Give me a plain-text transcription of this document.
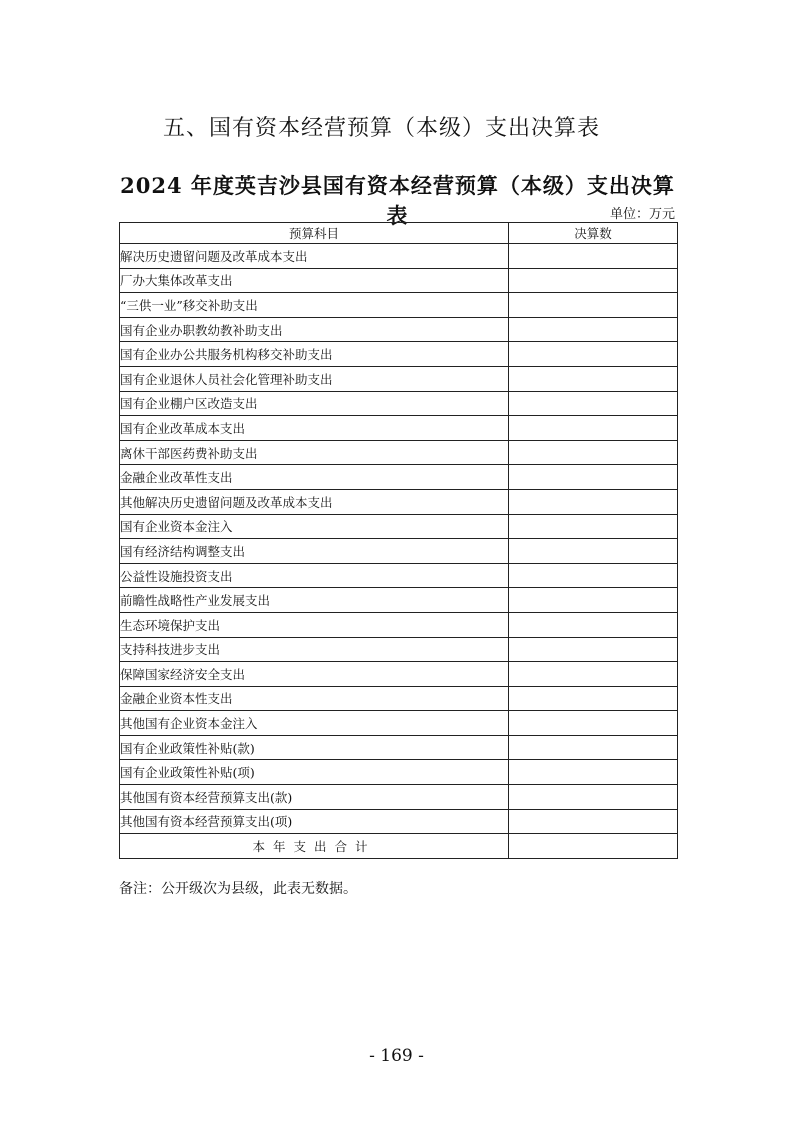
五、国有资本经营预算（本级）支出决算表
2024 年度英吉沙县国有资本经营预算（本级）支出决算表	单位：万元
预算科目	决算数
解决历史遗留问题及改革成本支出	
厂办大集体改革支出	
“三供一业”移交补助支出	
国有企业办职教幼教补助支出	
国有企业办公共服务机构移交补助支出	
国有企业退休人员社会化管理补助支出	
国有企业棚户区改造支出	
国有企业改革成本支出	
离休干部医药费补助支出	
金融企业改革性支出	
其他解决历史遗留问题及改革成本支出	
国有企业资本金注入	
国有经济结构调整支出	
公益性设施投资支出	
前瞻性战略性产业发展支出	
生态环境保护支出	
支持科技进步支出	
保障国家经济安全支出	
金融企业资本性支出	
其他国有企业资本金注入	
国有企业政策性补贴(款)	
国有企业政策性补贴(项)	
其他国有资本经营预算支出(款)	
其他国有资本经营预算支出(项)	
本年支出合计	
备注：公开级次为县级，此表无数据。
- 169 -
